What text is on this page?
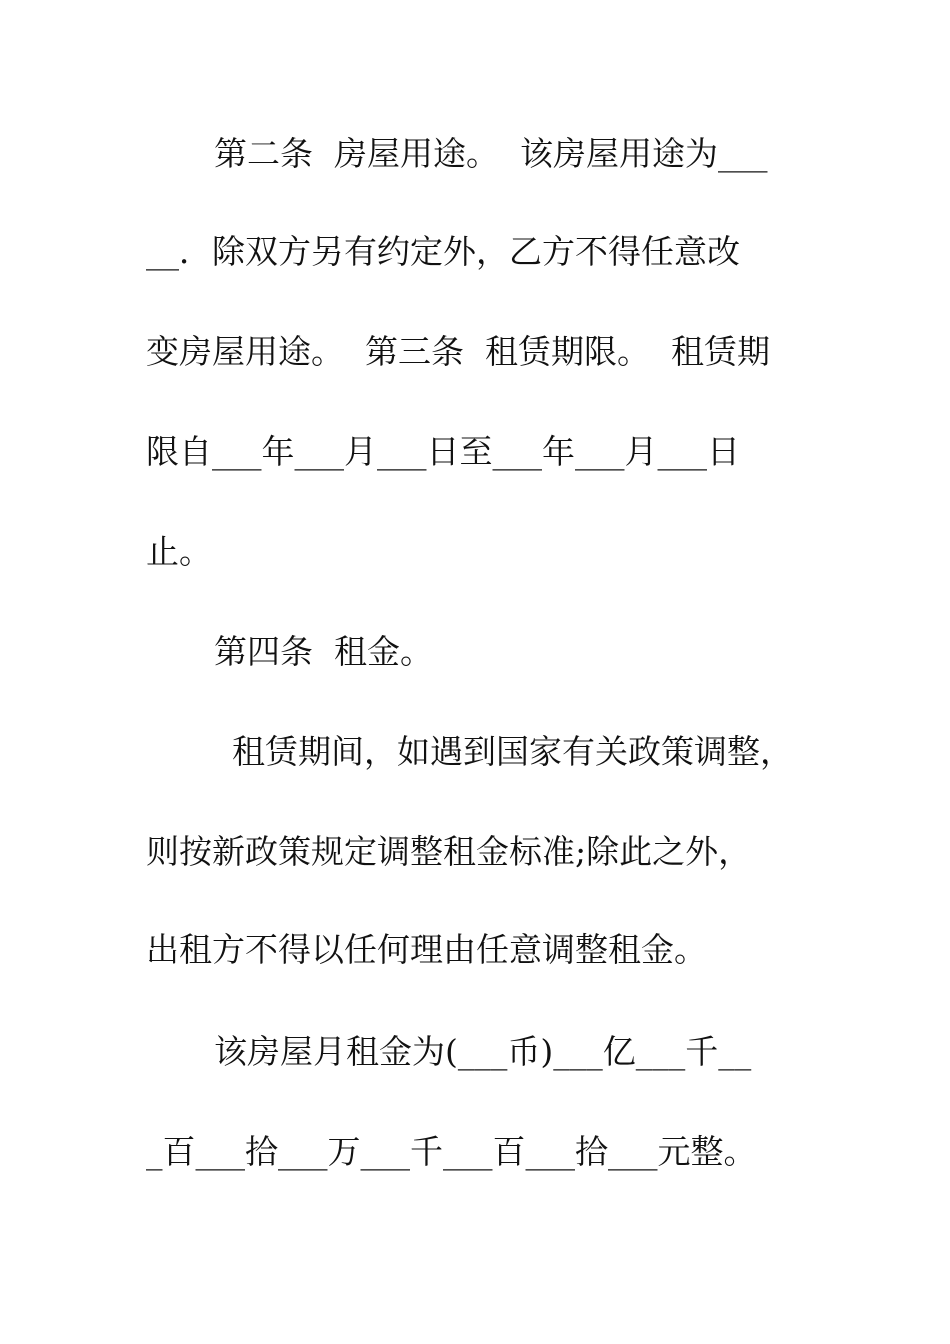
第二条  房屋用途。  该房屋用途为___
__．除双方另有约定外，乙方不得任意改
变房屋用途。  第三条  租赁期限。  租赁期
限自___年___月___日至___年___月___日
止。
第四条  租金。
租赁期间，如遇到国家有关政策调整，
则按新政策规定调整租金标准;除此之外，
出租方不得以任何理由任意调整租金。
该房屋月租金为(___币)___亿___千__
_百___拾___万___千___百___拾___元整。
